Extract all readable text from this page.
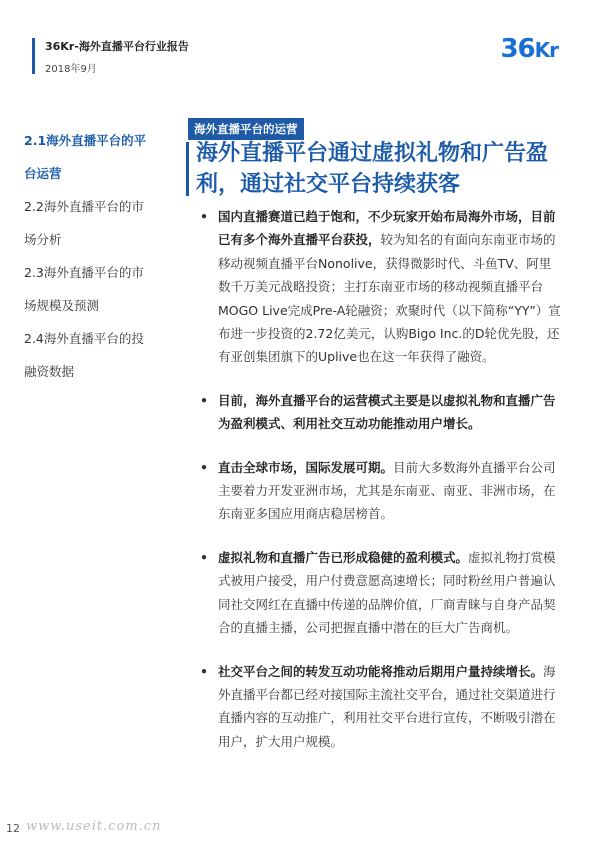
36Kr-海外直播平台行业报告
2018年9月
36Kr
2.1海外直播平台的平
台运营
2.2海外直播平台的市
场分析
2.3海外直播平台的市
场规模及预测
2.4海外直播平台的投
融资数据
海外直播平台的运营
海外直播平台通过虚拟礼物和广告盈利，通过社交平台持续获客
• 国内直播赛道已趋于饱和，不少玩家开始布局海外市场，目前已有多个海外直播平台获投，较为知名的有面向东南亚市场的移动视频直播平台Nonolive，获得微影时代、斗鱼TV、阿里数千万美元战略投资；主打东南亚市场的移动视频直播平台MOGO Live完成Pre-A轮融资；欢聚时代（以下简称“YY”）宣布进一步投资的2.72亿美元，认购Bigo Inc.的D轮优先股，还有亚创集团旗下的Uplive也在这一年获得了融资。
• 目前，海外直播平台的运营模式主要是以虚拟礼物和直播广告为盈利模式、利用社交互动功能推动用户增长。
• 直击全球市场，国际发展可期。目前大多数海外直播平台公司主要着力开发亚洲市场，尤其是东南亚、南亚、非洲市场，在东南亚多国应用商店稳居榜首。
• 虚拟礼物和直播广告已形成稳健的盈利模式。虚拟礼物打赏模式被用户接受，用户付费意愿高速增长；同时粉丝用户普遍认同社交网红在直播中传递的品牌价值，厂商青睐与自身产品契合的直播主播，公司把握直播中潜在的巨大广告商机。
• 社交平台之间的转发互动功能将推动后期用户量持续增长。海外直播平台都已经对接国际主流社交平台，通过社交渠道进行直播内容的互动推广，利用社交平台进行宣传，不断吸引潜在用户，扩大用户规模。
12 www.useit.com.cn
